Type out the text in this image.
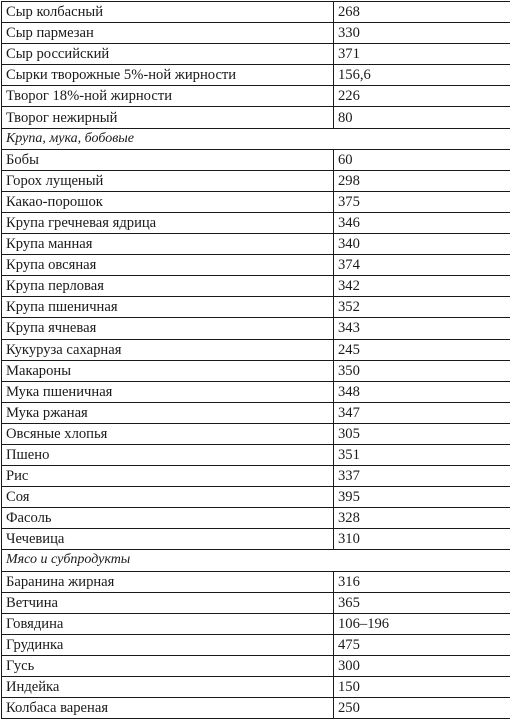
Сыр колбасный	268
Сыр пармезан	330
Сыр российский	371
Сырки творожные 5%-ной жирности	156,6
Творог 18%-ной жирности	226
Творог нежирный	80
Крупа, мука, бобовые	
Бобы	60
Горох лущеный	298
Какао-порошок	375
Крупа гречневая ядрица	346
Крупа манная	340
Крупа овсяная	374
Крупа перловая	342
Крупа пшеничная	352
Крупа ячневая	343
Кукуруза сахарная	245
Макароны	350
Мука пшеничная	348
Мука ржаная	347
Овсяные хлопья	305
Пшено	351
Рис	337
Соя	395
Фасоль	328
Чечевица	310
Мясо и субпродукты	
Баранина жирная	316
Ветчина	365
Говядина	106–196
Грудинка	475
Гусь	300
Индейка	150
Колбаса вареная	250
